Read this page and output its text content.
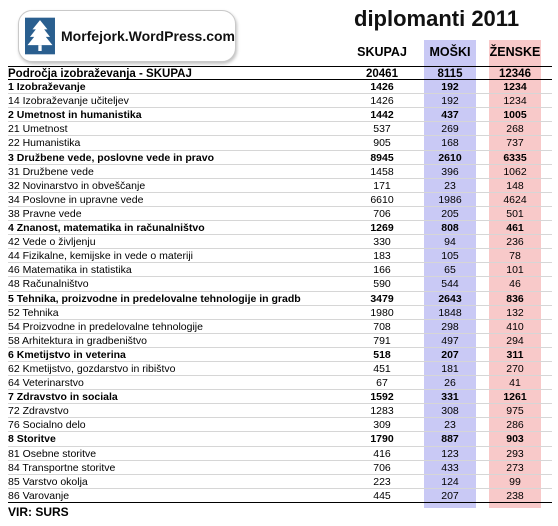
Morfejork.WordPress.com
diplomanti 2011
SKUPAJ	MOŠKI	ŽENSKE
Področja izobraževanja - SKUPAJ	20461	8115	12346
1 Izobraževanje	1426	192	1234
14 Izobraževanje učiteljev	1426	192	1234
2 Umetnost in humanistika	1442	437	1005
21 Umetnost	537	269	268
22 Humanistika	905	168	737
3 Družbene vede, poslovne vede in pravo	8945	2610	6335
31 Družbene vede	1458	396	1062
32 Novinarstvo in obveščanje	171	23	148
34 Poslovne in upravne vede	6610	1986	4624
38 Pravne vede	706	205	501
4 Znanost, matematika in računalništvo	1269	808	461
42 Vede o življenju	330	94	236
44 Fizikalne, kemijske in vede o materiji	183	105	78
46 Matematika in statistika	166	65	101
48 Računalništvo	590	544	46
5 Tehnika, proizvodne in predelovalne tehnologije in gradb	3479	2643	836
52 Tehnika	1980	1848	132
54 Proizvodne in predelovalne tehnologije	708	298	410
58 Arhitektura in gradbeništvo	791	497	294
6 Kmetijstvo in veterina	518	207	311
62 Kmetijstvo, gozdarstvo in ribištvo	451	181	270
64 Veterinarstvo	67	26	41
7 Zdravstvo in sociala	1592	331	1261
72 Zdravstvo	1283	308	975
76 Socialno delo	309	23	286
8 Storitve	1790	887	903
81 Osebne storitve	416	123	293
84 Transportne storitve	706	433	273
85 Varstvo okolja	223	124	99
86 Varovanje	445	207	238
VIR: SURS
